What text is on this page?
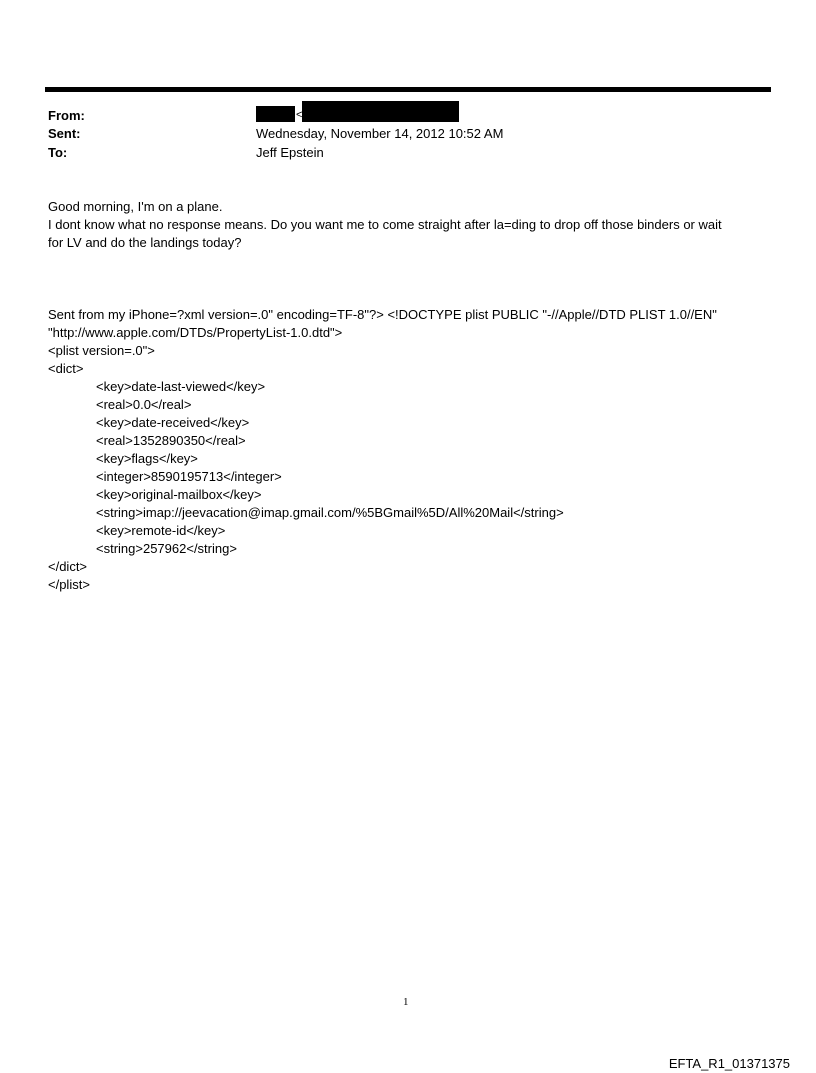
From:	<
Sent:	Wednesday, November 14, 2012 10:52 AM
To:	Jeff Epstein
Good morning, I'm on a plane.
I dont know what no response means. Do you want me to come straight after la=ding to drop off those binders or wait
for LV and do the landings today?
Sent from my iPhone=?xml version=.0" encoding=TF-8"?> <!DOCTYPE plist PUBLIC "-//Apple//DTD PLIST 1.0//EN"
"http://www.apple.com/DTDs/PropertyList-1.0.dtd">
<plist version=.0">
<dict>
<key>date-last-viewed</key>
<real>0.0</real>
<key>date-received</key>
<real>1352890350</real>
<key>flags</key>
<integer>8590195713</integer>
<key>original-mailbox</key>
<string>imap://jeevacation@imap.gmail.com/%5BGmail%5D/All%20Mail</string>
<key>remote-id</key>
<string>257962</string>
</dict>
</plist>
1
EFTA_R1_01371375
